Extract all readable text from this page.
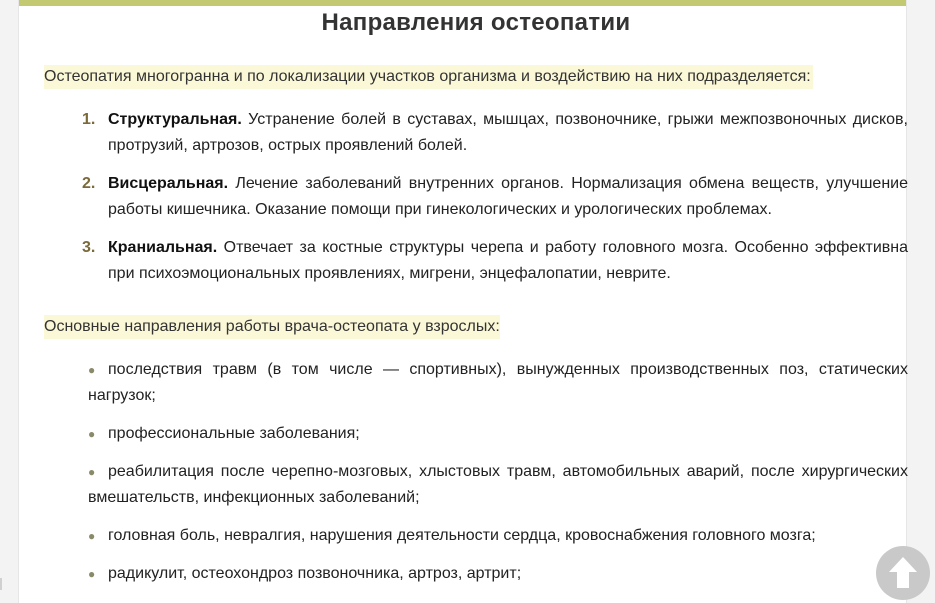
Направления остеопатии
Остеопатия многогранна и по локализации участков организма и воздействию на них подразделяется:
1. Структуральная. Устранение болей в суставах, мышцах, позвоночнике, грыжи межпозвоночных дисков, протрузий, артрозов, острых проявлений болей.
2. Висцеральная. Лечение заболеваний внутренних органов. Нормализация обмена веществ, улучшение работы кишечника. Оказание помощи при гинекологических и урологических проблемах.
3. Краниальная. Отвечает за костные структуры черепа и работу головного мозга. Особенно эффективна при психоэмоциональных проявлениях, мигрени, энцефалопатии, неврите.
Основные направления работы врача-остеопата у взрослых:
● последствия травм (в том числе — спортивных), вынужденных производственных поз, статических нагрузок;
● профессиональные заболевания;
● реабилитация после черепно-мозговых, хлыстовых травм, автомобильных аварий, после хирургических вмешательств, инфекционных заболеваний;
● головная боль, невралгия, нарушения деятельности сердца, кровоснабжения головного мозга;
● радикулит, остеохондроз позвоночника, артроз, артрит;
